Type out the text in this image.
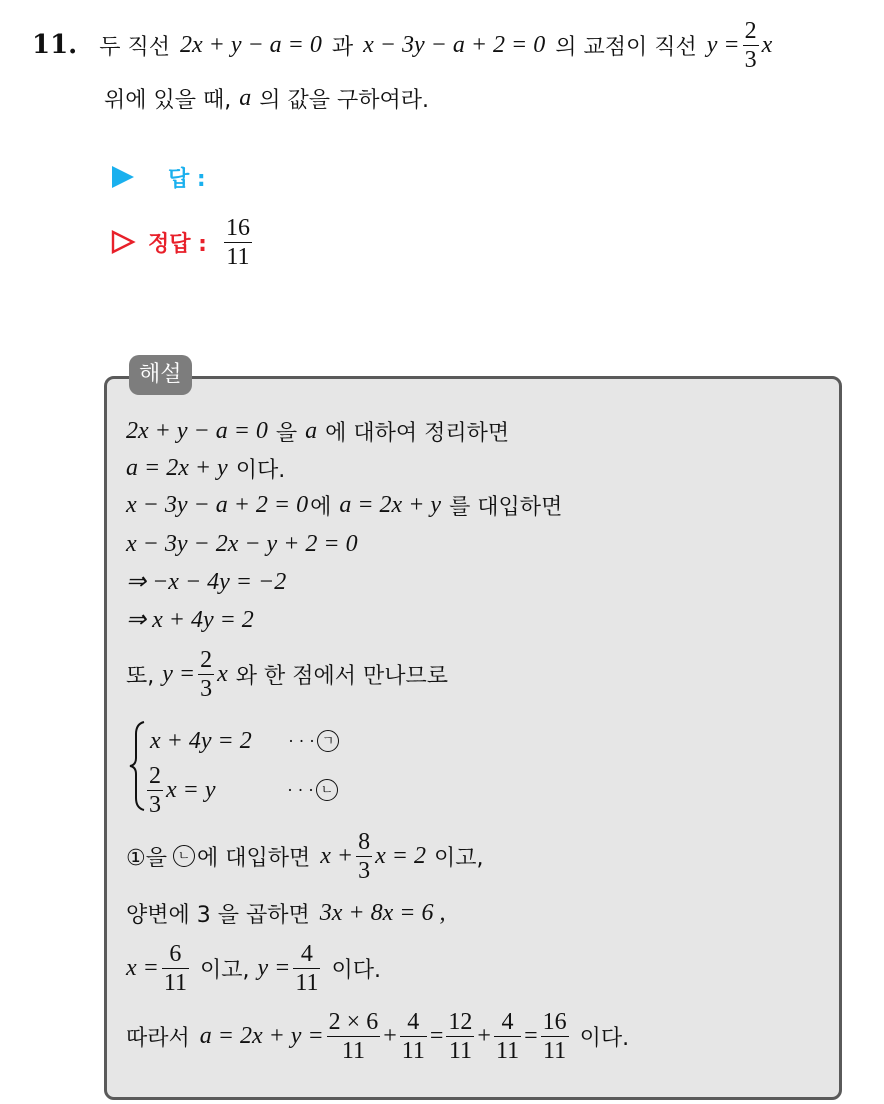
11. 두 직선 2x + y − a = 0 과 x − 3y − a + 2 = 0 의 교점이 직선 $y = \frac{2}{3}$ x
위에 있을 때, a 의 값을 구하여라.
답 :
정답 : $\frac{16}{11}$
해설
2x + y − a = 0 을 a 에 대하여 정리하면
a = 2x + y 이다.
x − 3y − a + 2 = 0 에 a = 2x + y 를 대입하면
x − 3y − 2x − y + 2 = 0
⇒ −x − 4y = −2
⇒ x + 4y = 2
또, $y = \frac{2}{3}$ x 와 한 점에서 만나므로
x + 4y = 2	· · · ㄱ
$\frac{2}{3}$ x = y	· · · ㄴ
①을 ㄴ 에 대입하면 $x + \frac{8}{3}$ x = 2 이고,
양변에 3 을 곱하면 3x + 8x = 6 ,
$x = \frac{6}{11}$ 이고, $y = \frac{4}{11}$ 이다.
따라서 $a = 2x + y = \frac{2 \times 6}{11} + \frac{4}{11} = \frac{12}{11} + \frac{4}{11} = \frac{16}{11}$ 이다.
